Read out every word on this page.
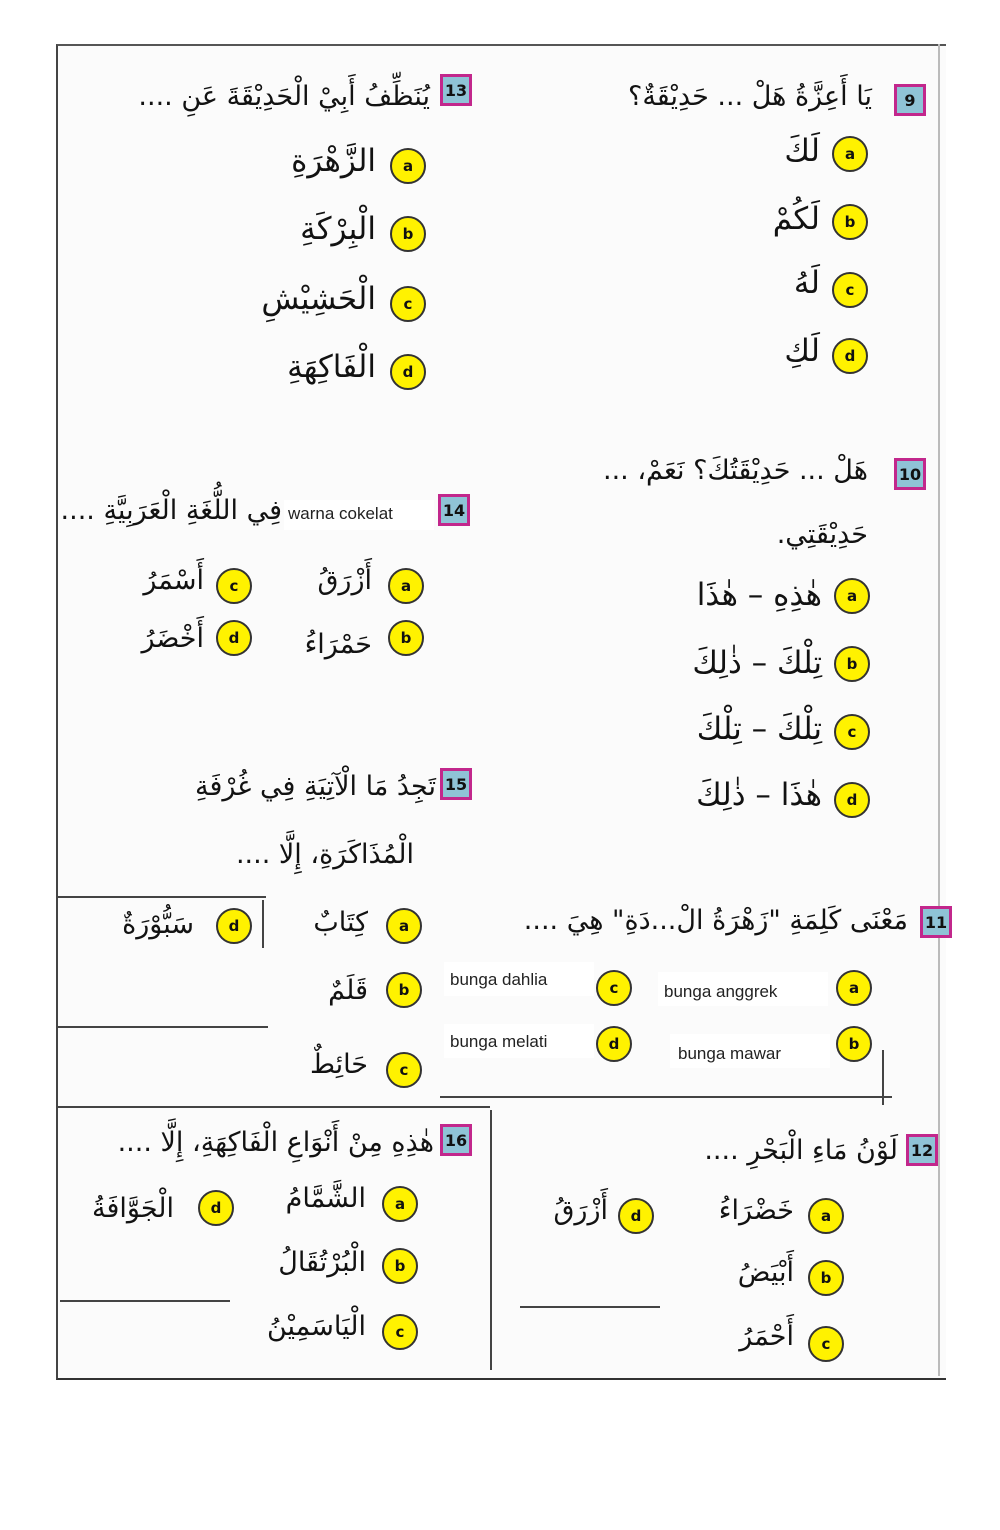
9
يَا أَعِزَّةُ هَلْ ... حَدِيْقَةٌ؟
a
لَكَ
b
لَكُمْ
c
لَهُ
d
لَكِ
10
هَلْ ... حَدِيْقَتُكَ؟ نَعَمْ، ...
حَدِيْقَتِي.
a
هٰذِهِ – هٰذَا
b
تِلْكَ – ذٰلِكَ
c
تِلْكَ – تِلْكَ
d
هٰذَا – ذٰلِكَ
11
مَعْنَى كَلِمَةِ "زَهْرَةُ الْ...دَةِ" هِيَ ....
bunga dahlia	c	bunga anggrek	a
bunga melati	d	bunga mawar	b
12
لَوْنُ مَاءِ الْبَحْرِ ....
a
خَضْرَاءُ
d
أَزْرَقُ
b
أَبْيَضُ
c
أَحْمَرُ
13
يُنَظِّفُ أَبِيْ الْحَدِيْقَةَ عَنِ ....
a
الزَّهْرَةِ
b
الْبِرْكَةِ
c
الْحَشِيْشِ
d
الْفَاكِهَةِ
14
warna cokelat
فِي اللُّغَةِ الْعَرَبِيَّةِ ....
a
أَزْرَقُ
c
أَسْمَرُ
b
حَمْرَاءُ
d
أَخْضَرُ
15
تَجِدُ مَا الْآتِيَةِ فِي غُرْفَةِ
الْمُذَاكَرَةِ، إِلَّا ....
a
كِتَابٌ
d
سَبُّوْرَةٌ
b
قَلَمٌ
c
حَائِطٌ
16
هٰذِهِ مِنْ أَنْوَاعِ الْفَاكِهَةِ، إِلَّا ....
a
الشَّمَّامُ
d
الْجَوَّافَةُ
b
الْبُرْتُقَالُ
c
الْيَاسَمِيْنُ
